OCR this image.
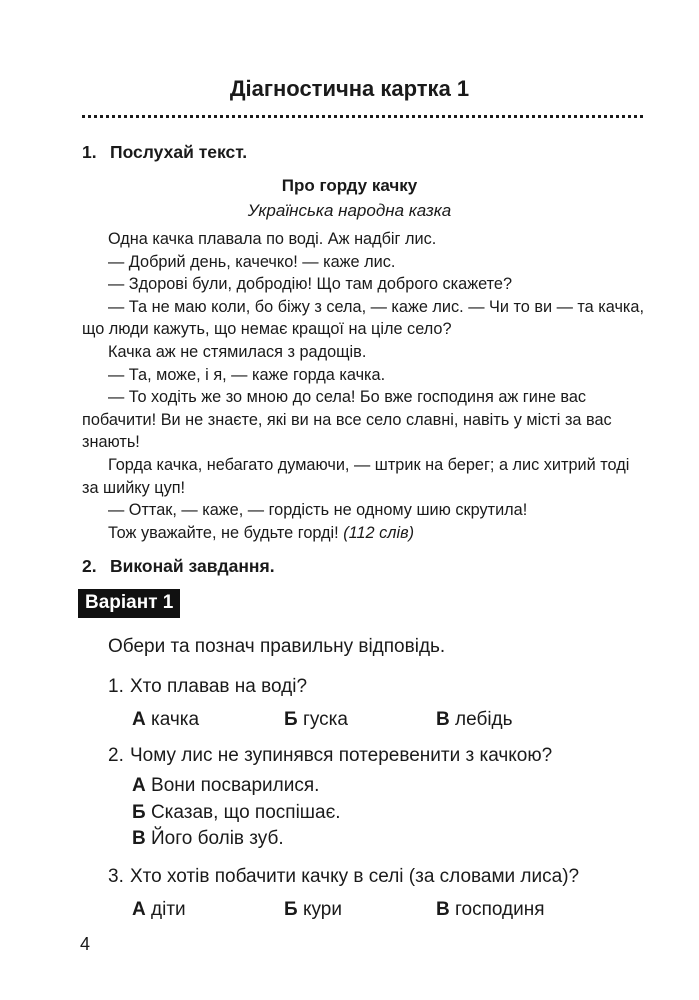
Діагностична картка 1
1. Послухай текст.
Про горду качку
Українська народна казка

Одна качка плавала по воді. Аж надбіг лис.

— Добрий день, качечко! — каже лис.

— Здорові були, добродію! Що там доброго скажете?

— Та не маю коли, бо біжу з села, — каже лис. — Чи то ви — та качка, що люди кажуть, що немає кращої на ціле село?

Качка аж не стямилася з радощів.

— Та, може, і я, — каже горда качка.

— То ходіть же зо мною до села! Бо вже господиня аж гине вас побачити! Ви не знаєте, які ви на все село славні, навіть у місті за вас знають!

Горда качка, небагато думаючи, — штрик на берег; а лис хитрий тоді за шийку цуп!

— Оттак, — каже, — гордість не одному шию скрутила!

Тож уважайте, не будьте горді! (112 слів)

2. Виконай завдання.
Варіант 1
Обери та познач правильну відповідь.
1. Хто плавав на воді?
А качка	Б гуска	В лебідь
2. Чому лис не зупинявся потеревенити з качкою?
А Вони посварилися.
Б Сказав, що поспішає.
В Його болів зуб.
3. Хто хотів побачити качку в селі (за словами лиса)?
А діти	Б кури	В господиня
4
